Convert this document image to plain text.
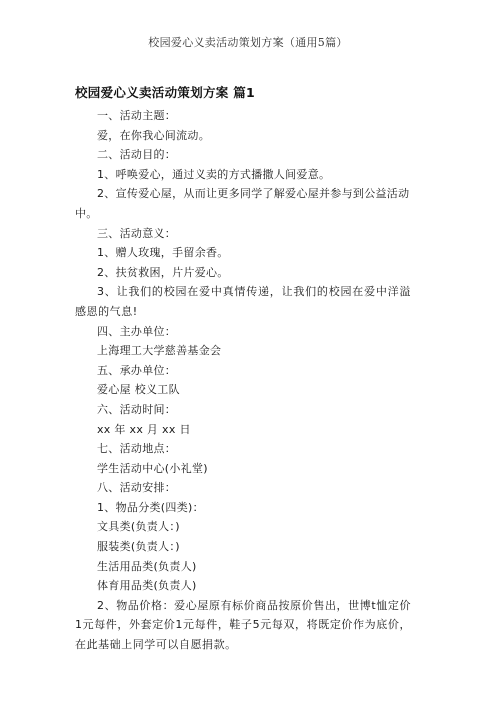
校园爱心义卖活动策划方案（通用5篇）
校园爱心义卖活动策划方案 篇1

一、活动主题：

爱，在你我心间流动。

二、活动目的：

1、呼唤爱心，通过义卖的方式播撒人间爱意。

2、宣传爱心屋，从而让更多同学了解爱心屋并参与到公益活动中。

三、活动意义：

1、赠人玫瑰，手留余香。

2、扶贫救困，片片爱心。

3、让我们的校园在爱中真情传递，让我们的校园在爱中洋溢感恩的气息!

四、主办单位：

上海理工大学慈善基金会

五、承办单位：

爱心屋 校义工队

六、活动时间：

xx 年 xx 月 xx 日

七、活动地点：

学生活动中心(小礼堂)

八、活动安排：

1、物品分类(四类)：

文具类(负责人：)

服装类(负责人：)

生活用品类(负责人)

体育用品类(负责人)

2、物品价格：爱心屋原有标价商品按原价售出，世博t恤定价1元每件，外套定价1元每件，鞋子5元每双，将既定价作为底价，在此基础上同学可以自愿捐款。
